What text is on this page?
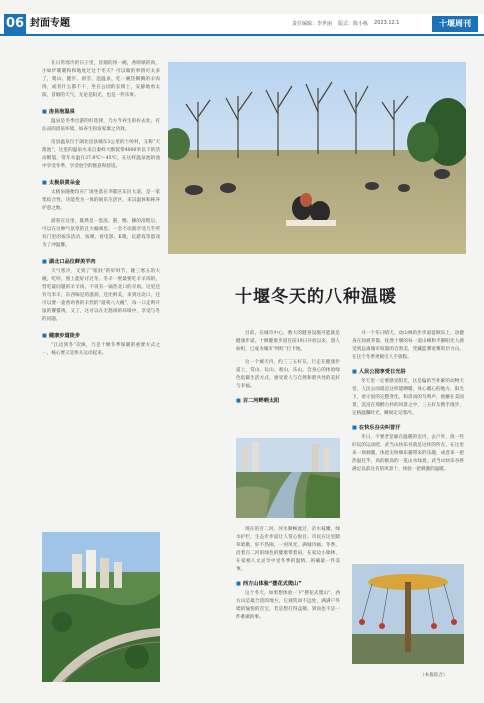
06 封面专题	责任编辑：李世丽 版式：陈小栋 2023.12.1	十堰周刊

在日常寒冷的日子里，冒烟的汤一碗，香喷喷的肉，小如炉暖暖和和地度过这个冬天？可以做的事情可太多了，爬山、健步、滑雪、泡温泉、吃一碗热腾腾的羊肉汤，或者什么都不干，坐在公园的长椅上，安静地看太阳，冒烟的天气，无论是阳光，也是一件乐事。

■ 房县泡温泉

温泉是冬季出游的好选择，乃方今养生的好去处，有沁凉的清泉环境，如养生和发家康之功效。

房县温泉位于湖北房县城东3公里的士岭村，又称“天派池”，这里的温泉水来自秦岭大断裂带4000米以下的活动断裂，常年水温在37.8℃～45℃，在这样温泉池的池中享受冬季，享受放空的惬意和舒适。

■ 太极泉赏朵金

太极泉随便均应广场坐落在李都区东民大道，是一家集综合性、功能性为一体的娱乐生活区，来汉温休和秘养护意之地。

游客在这里，既然是一套洗、港、衡、操的浴程后，可以在这种气氛里的且大桶寓里。一会不动就享受几乎所有门里的按乐活动、按摩，看电影、K歌，玩游戏等愿戏为了冲温馨。

■ 湖北口品位鲜美羊肉

天气寒冷，又到了“肌肤”的好时节，隆三寒五的大碗，吃咩，图上能好讨过冬。冬羊一壁最要吃羊羊肉的，营吃最问题的羊羊肉。不说有一锅热北口的羊肉。这里还有乌米羊，东西味足的滋润，还比鲜美，来到这北口，还可以要一壶香鸡香的羊烈的“道爽八大碗”，每一口走鸣开鼠的饕餮诱，又了，这可以在无悠闲的环境中，享受与冬的问题。

■ 健康步道徒步

“江边到冬”次纵，乃是十堰冬季保暖的重要方式之一，核心要义是体关运动起来。

十堰冬天的八种温暖

目前，在城市中心，数大的健身设施可能就是健康步道。十堰健康步道目前19日开放以来，游人如织，已成为城市“网红”打卡地。

这一个城天内，约三三五好友，行走在健康步道上，赏山、玩山、观山，乐山，会身心的体验绿色低碳生活方式，感受着人与自然和谐共处的美好与幸福。

■ 百二河畔晒太阳

现在的百二河，河水顺畅流过，杂水枝嫩，绿水护栏，生态步步道让人赏心悦目。市民在这里踏草暗歌，好不热闹，一河风光，满城诗画。冬季，沿着百二河的绿色的健康带着肩，在家边小歇林，在家相人文灵享中受冬季的温情。的确最一件美事。

■ 西方山体验“摆花式爬山”

这个冬天，如果想体验一下“摆花式爬山”，西方山是最合适的地方，它观赏而不远处，满满户外爬的愉悦的首宝，若是想打得盒敬、到顶也不是一件难做的事。

寻一个冬日晴天，动山林的步步道徒顾乐上，动健身在间被茅都，抚然十堰的每一道山峰和平静阳光人感受到远离城市喧嚣的自然美，凭藏蓝雾宽雾的层力山，在这个冬季更极引人手旅程。

■ 人民公园享受日光浴

冬天里一定要感受阳光，这是偏的当补累的动物天堂，人民公园就是这样能晒暖，身心暖心的地方，阳光下，看守星的完整变化，和清雨的鸟鸣声，抱触在美国景，沉浸在那醉古朴的风景之中，三五好友携手漫步，定格温馨时光，瞬间定记寒冷。

■ 在快乐谷尖叫冒汗

冬日，不要老是躲在温暖的室内，去户外，找一些好玩的运动吧，武当山快乐谷就是这样的所在。在这里来一场刺激，体验尖叫爆乐趣带来的乐趣，或者来一把热温狂乎，高的极高的一览山水绿意。武当山快乐谷将满足以前这名的风景十，体验一把刺激的温暖。

（本报综合）
